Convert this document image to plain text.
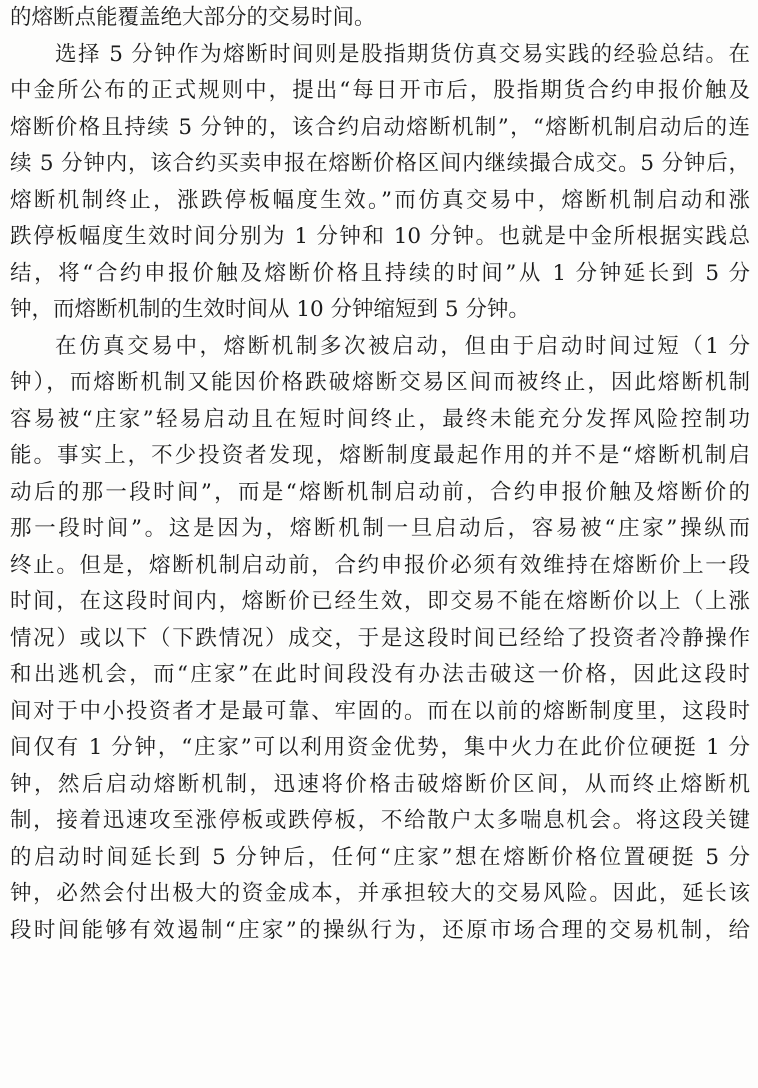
的熔断点能覆盖绝大部分的交易时间。
选择 5 分钟作为熔断时间则是股指期货仿真交易实践的经验总结。在
中金所公布的正式规则中，提出“每日开市后，股指期货合约申报价触及
熔断价格且持续 5 分钟的，该合约启动熔断机制”，“熔断机制启动后的连
续 5 分钟内，该合约买卖申报在熔断价格区间内继续撮合成交。5 分钟后，
熔断机制终止，涨跌停板幅度生效。”而仿真交易中，熔断机制启动和涨
跌停板幅度生效时间分别为 1 分钟和 10 分钟。也就是中金所根据实践总
结，将“合约申报价触及熔断价格且持续的时间”从 1 分钟延长到 5 分
钟，而熔断机制的生效时间从 10 分钟缩短到 5 分钟。
在仿真交易中，熔断机制多次被启动，但由于启动时间过短（1 分
钟），而熔断机制又能因价格跌破熔断交易区间而被终止，因此熔断机制
容易被“庄家”轻易启动且在短时间终止，最终未能充分发挥风险控制功
能。事实上，不少投资者发现，熔断制度最起作用的并不是“熔断机制启
动后的那一段时间”，而是“熔断机制启动前，合约申报价触及熔断价的
那一段时间”。这是因为，熔断机制一旦启动后，容易被“庄家”操纵而
终止。但是，熔断机制启动前，合约申报价必须有效维持在熔断价上一段
时间，在这段时间内，熔断价已经生效，即交易不能在熔断价以上（上涨
情况）或以下（下跌情况）成交，于是这段时间已经给了投资者冷静操作
和出逃机会，而“庄家”在此时间段没有办法击破这一价格，因此这段时
间对于中小投资者才是最可靠、牢固的。而在以前的熔断制度里，这段时
间仅有 1 分钟，“庄家”可以利用资金优势，集中火力在此价位硬挺 1 分
钟，然后启动熔断机制，迅速将价格击破熔断价区间，从而终止熔断机
制，接着迅速攻至涨停板或跌停板，不给散户太多喘息机会。将这段关键
的启动时间延长到 5 分钟后，任何“庄家”想在熔断价格位置硬挺 5 分
钟，必然会付出极大的资金成本，并承担较大的交易风险。因此，延长该
段时间能够有效遏制“庄家”的操纵行为，还原市场合理的交易机制，给
